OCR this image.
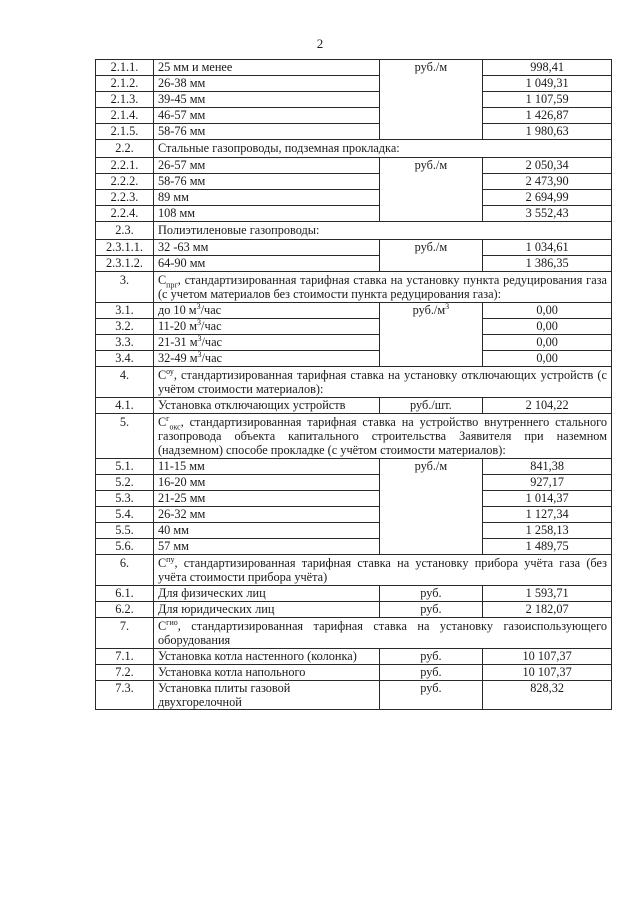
2
2.1.1.	25 мм и менее	руб./м	998,41
2.1.2.	26-38 мм		1 049,31
2.1.3.	39-45 мм		1 107,59
2.1.4.	46-57 мм		1 426,87
2.1.5.	58-76 мм		1 980,63
2.2.	Стальные газопроводы, подземная прокладка:		
2.2.1.	26-57 мм	руб./м	2 050,34
2.2.2.	58-76 мм		2 473,90
2.2.3.	89 мм		2 694,99
2.2.4.	108 мм		3 552,43
2.3.	Полиэтиленовые газопроводы:		
2.3.1.1.	32 -63 мм	руб./м	1 034,61
2.3.1.2.	64-90 мм		1 386,35
3.	$C_{прг}$, стандартизированная тарифная ставка на установку пункта редуцирования газа (с учетом материалов без стоимости пункта редуцирования газа):		
3.1.	до 10 $м^3$/час	$руб./м^3$	0,00
3.2.	11-20 $м^3$/час		0,00
3.3.	21-31 $м^3$/час		0,00
3.4.	32-49 $м^3$/час		0,00
4.	$C^{оу}$, стандартизированная тарифная ставка на установку отключающих устройств (с учётом стоимости материалов):		
4.1.	Установка отключающих устройств	руб./шт.	2 104,22
5.	$C^г_{окс}$, стандартизированная тарифная ставка на устройство внутреннего стального газопровода объекта капитального строительства Заявителя при наземном (надземном) способе прокладке (с учётом стоимости материалов):		
5.1.	11-15 мм	руб./м	841,38
5.2.	16-20 мм		927,17
5.3.	21-25 мм		1 014,37
5.4.	26-32 мм		1 127,34
5.5.	40 мм		1 258,13
5.6.	57 мм		1 489,75
6.	$C^{пу}$, стандартизированная тарифная ставка на установку прибора учёта газа (без учёта стоимости прибора учёта)		
6.1.	Для физических лиц	руб.	1 593,71
6.2.	Для юридических лиц	руб.	2 182,07
7.	$C^{гио}$, стандартизированная тарифная ставка на установку газоиспользующего оборудования		
7.1.	Установка котла настенного (колонка)	руб.	10 107,37
7.2.	Установка котла напольного	руб.	10 107,37
7.3.	Установка плиты газовой двухгорелочной	руб.	828,32
